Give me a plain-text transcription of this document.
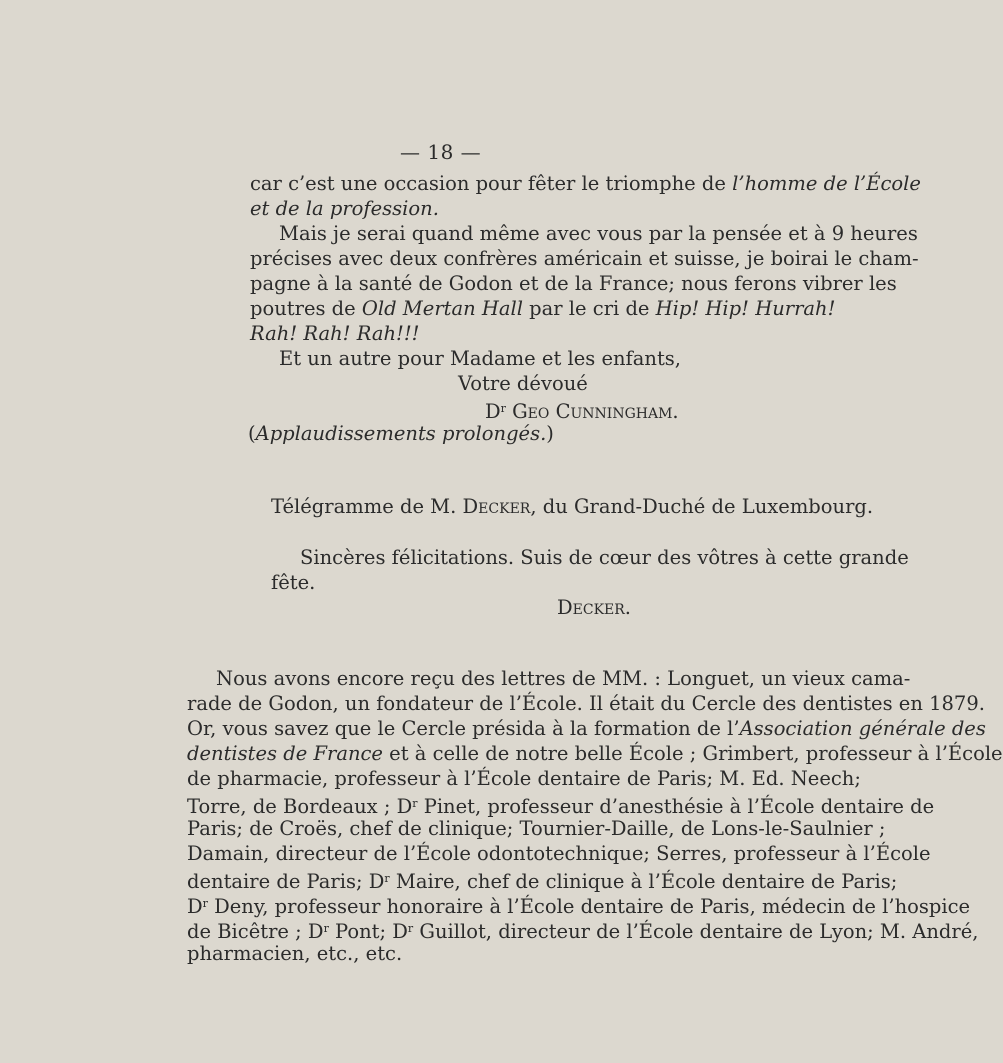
— 18 —
car c’est une occasion pour fêter le triomphe de l’homme de l’École
et de la profession.
Mais je serai quand même avec vous par la pensée et à 9 heures
précises avec deux confrères américain et suisse, je boirai le cham-
pagne à la santé de Godon et de la France; nous ferons vibrer les
poutres de Old Mertan Hall par le cri de Hip! Hip! Hurrah!
Rah! Rah! Rah!!!
Et un autre pour Madame et les enfants,
Votre dévoué
$D^r$ Geo Cunningham.
(Applaudissements prolongés.)
Télégramme de M. Decker, du Grand-Duché de Luxembourg.
Sincères félicitations. Suis de cœur des vôtres à cette grande
fête.
Decker.
Nous avons encore reçu des lettres de MM. : Longuet, un vieux cama-
rade de Godon, un fondateur de l’École. Il était du Cercle des dentistes en 1879.
Or, vous savez que le Cercle présida à la formation de l’Association générale des
dentistes de France et à celle de notre belle École ; Grimbert, professeur à l’École
de pharmacie, professeur à l’École dentaire de Paris; M. Ed. Neech;
Torre, de Bordeaux ; $D^r$ Pinet, professeur d’anesthésie à l’École dentaire de
Paris; de Croës, chef de clinique; Tournier-Daille, de Lons-le-Saulnier ;
Damain, directeur de l’École odontotechnique; Serres, professeur à l’École
dentaire de Paris; $D^r$ Maire, chef de clinique à l’École dentaire de Paris;
$D^r$ Deny, professeur honoraire à l’École dentaire de Paris, médecin de l’hospice
de Bicêtre ; $D^r$ Pont; $D^r$ Guillot, directeur de l’École dentaire de Lyon; M. André,
pharmacien, etc., etc.
